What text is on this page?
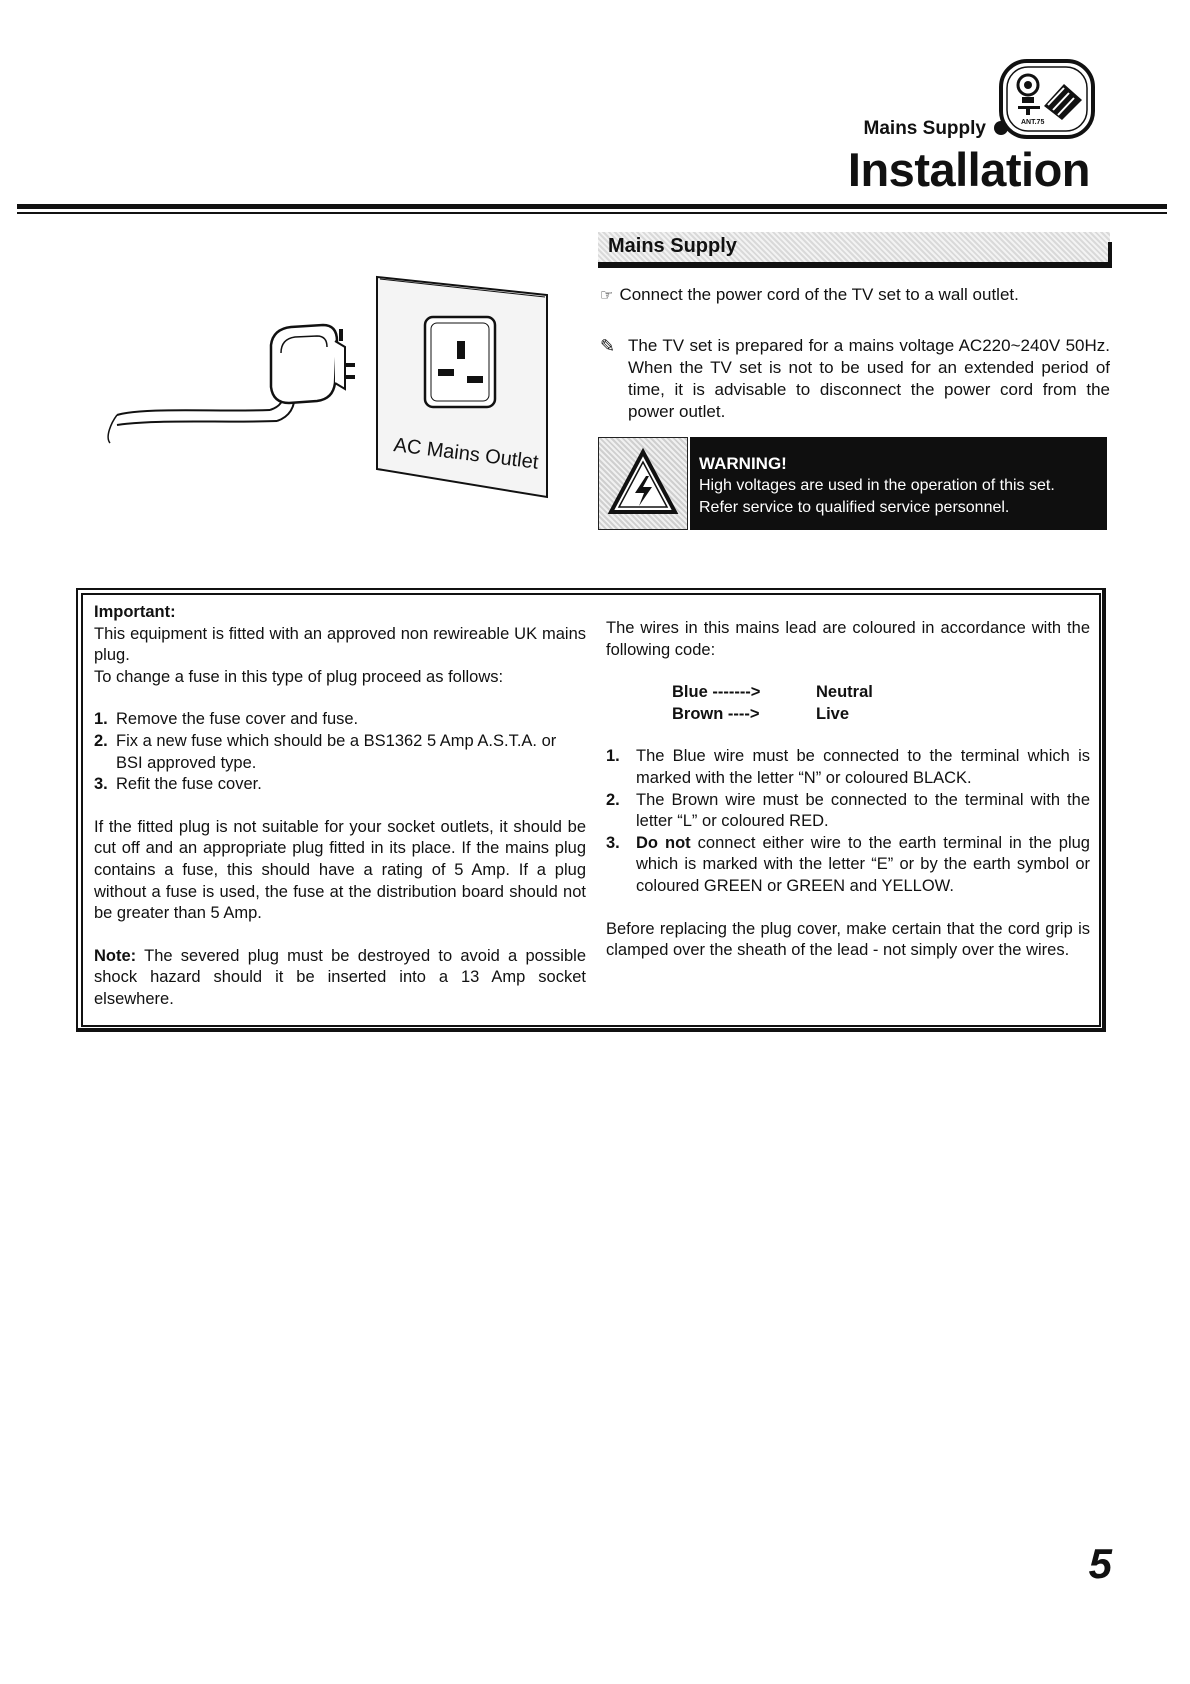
Mains Supply	ANT.75
Installation
AC Mains Outlet
Mains Supply
☞ Connect the power cord of the TV set to a wall outlet.
✎ The TV set is prepared for a mains voltage AC220~240V 50Hz. When the TV set is not to be used for an extended period of time, it is advisable to disconnect the power cord from the power outlet.
WARNING!
High voltages are used in the operation of this set.
Refer service to qualified service personnel.

Important:

This equipment is fitted with an approved non rewireable UK mains plug.

To change a fuse in this type of plug proceed as follows:

1. Remove the fuse cover and fuse.
2. Fix a new fuse which should be a BS1362 5 Amp A.S.T.A. or BSI approved type.
3. Refit the fuse cover.

If the fitted plug is not suitable for your socket outlets, it should be cut off and an appropriate plug fitted in its place. If the mains plug contains a fuse, this should have a rating of 5 Amp. If a plug without a fuse is used, the fuse at the distribution board should not be greater than 5 Amp.

Note: The severed plug must be destroyed to avoid a possible shock hazard should it be inserted into a 13 Amp socket elsewhere.

The wires in this mains lead are coloured in accordance with the following code:

Blue ------->	Neutral
Brown ---->	Live
1. The Blue wire must be connected to the terminal which is marked with the letter “N” or coloured BLACK.
2. The Brown wire must be connected to the terminal with the letter “L” or coloured RED.
3. Do not connect either wire to the earth terminal in the plug which is marked with the letter “E” or by the earth symbol or coloured GREEN or GREEN and YELLOW.

Before replacing the plug cover, make certain that the cord grip is clamped over the sheath of the lead - not simply over the wires.

5
